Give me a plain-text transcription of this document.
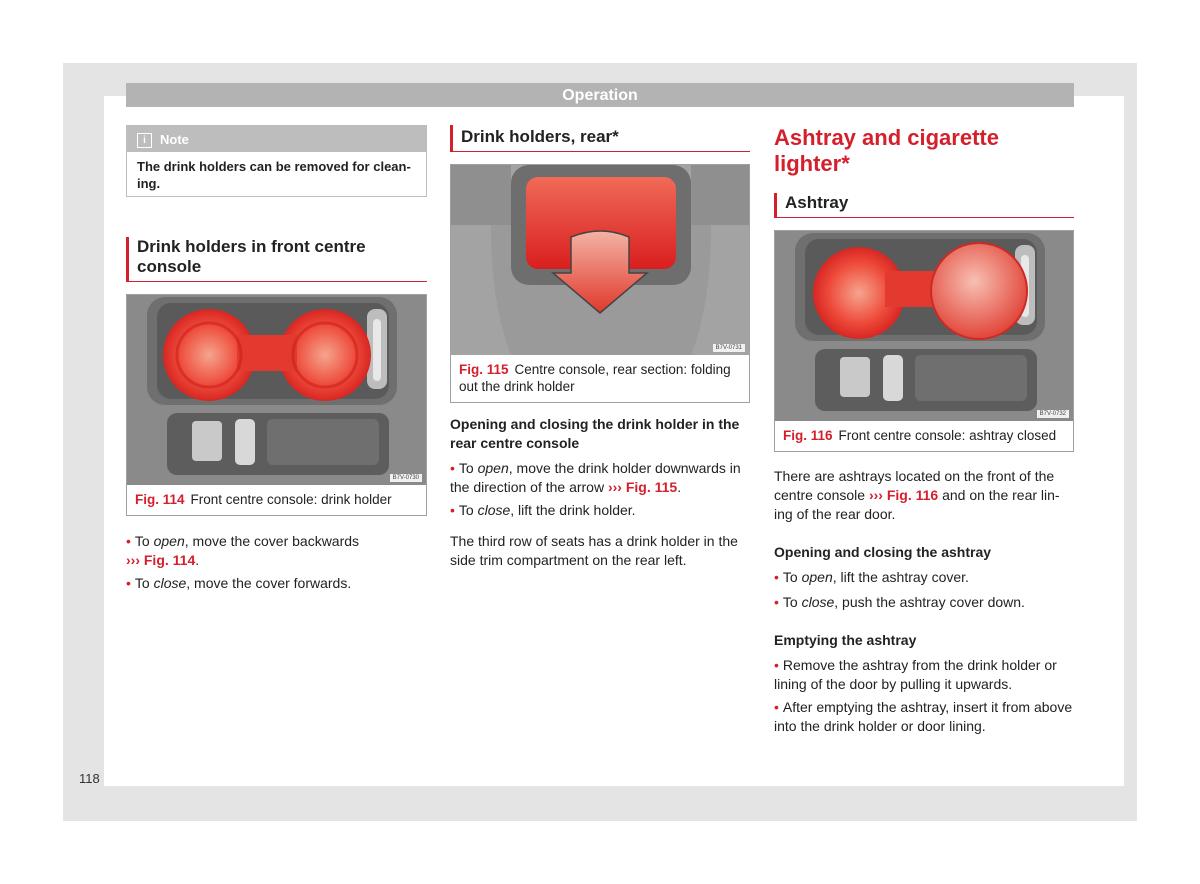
Operation
i Note
The drink holders can be removed for clean-ing.
Drink holders in front centre console
B7V-0730
Fig. 114 Front centre console: drink holder

• To open, move the cover backwards
››› Fig. 114.

• To close, move the cover forwards.

Drink holders, rear*
B7V-0731
Fig. 115 Centre console, rear section: folding out the drink holder

Opening and closing the drink holder in the rear centre console

• To open, move the drink holder downwards in the direction of the arrow ››› Fig. 115.

• To close, lift the drink holder.

The third row of seats has a drink holder in the side trim compartment on the rear left.

Ashtray and cigarette lighter*
Ashtray
B7V-0732
Fig. 116 Front centre console: ashtray closed

There are ashtrays located on the front of the centre console ››› Fig. 116 and on the rear lin-ing of the rear door.

Opening and closing the ashtray

• To open, lift the ashtray cover.

• To close, push the ashtray cover down.

Emptying the ashtray

• Remove the ashtray from the drink holder or lining of the door by pulling it upwards.

• After emptying the ashtray, insert it from above into the drink holder or door lining.

118
